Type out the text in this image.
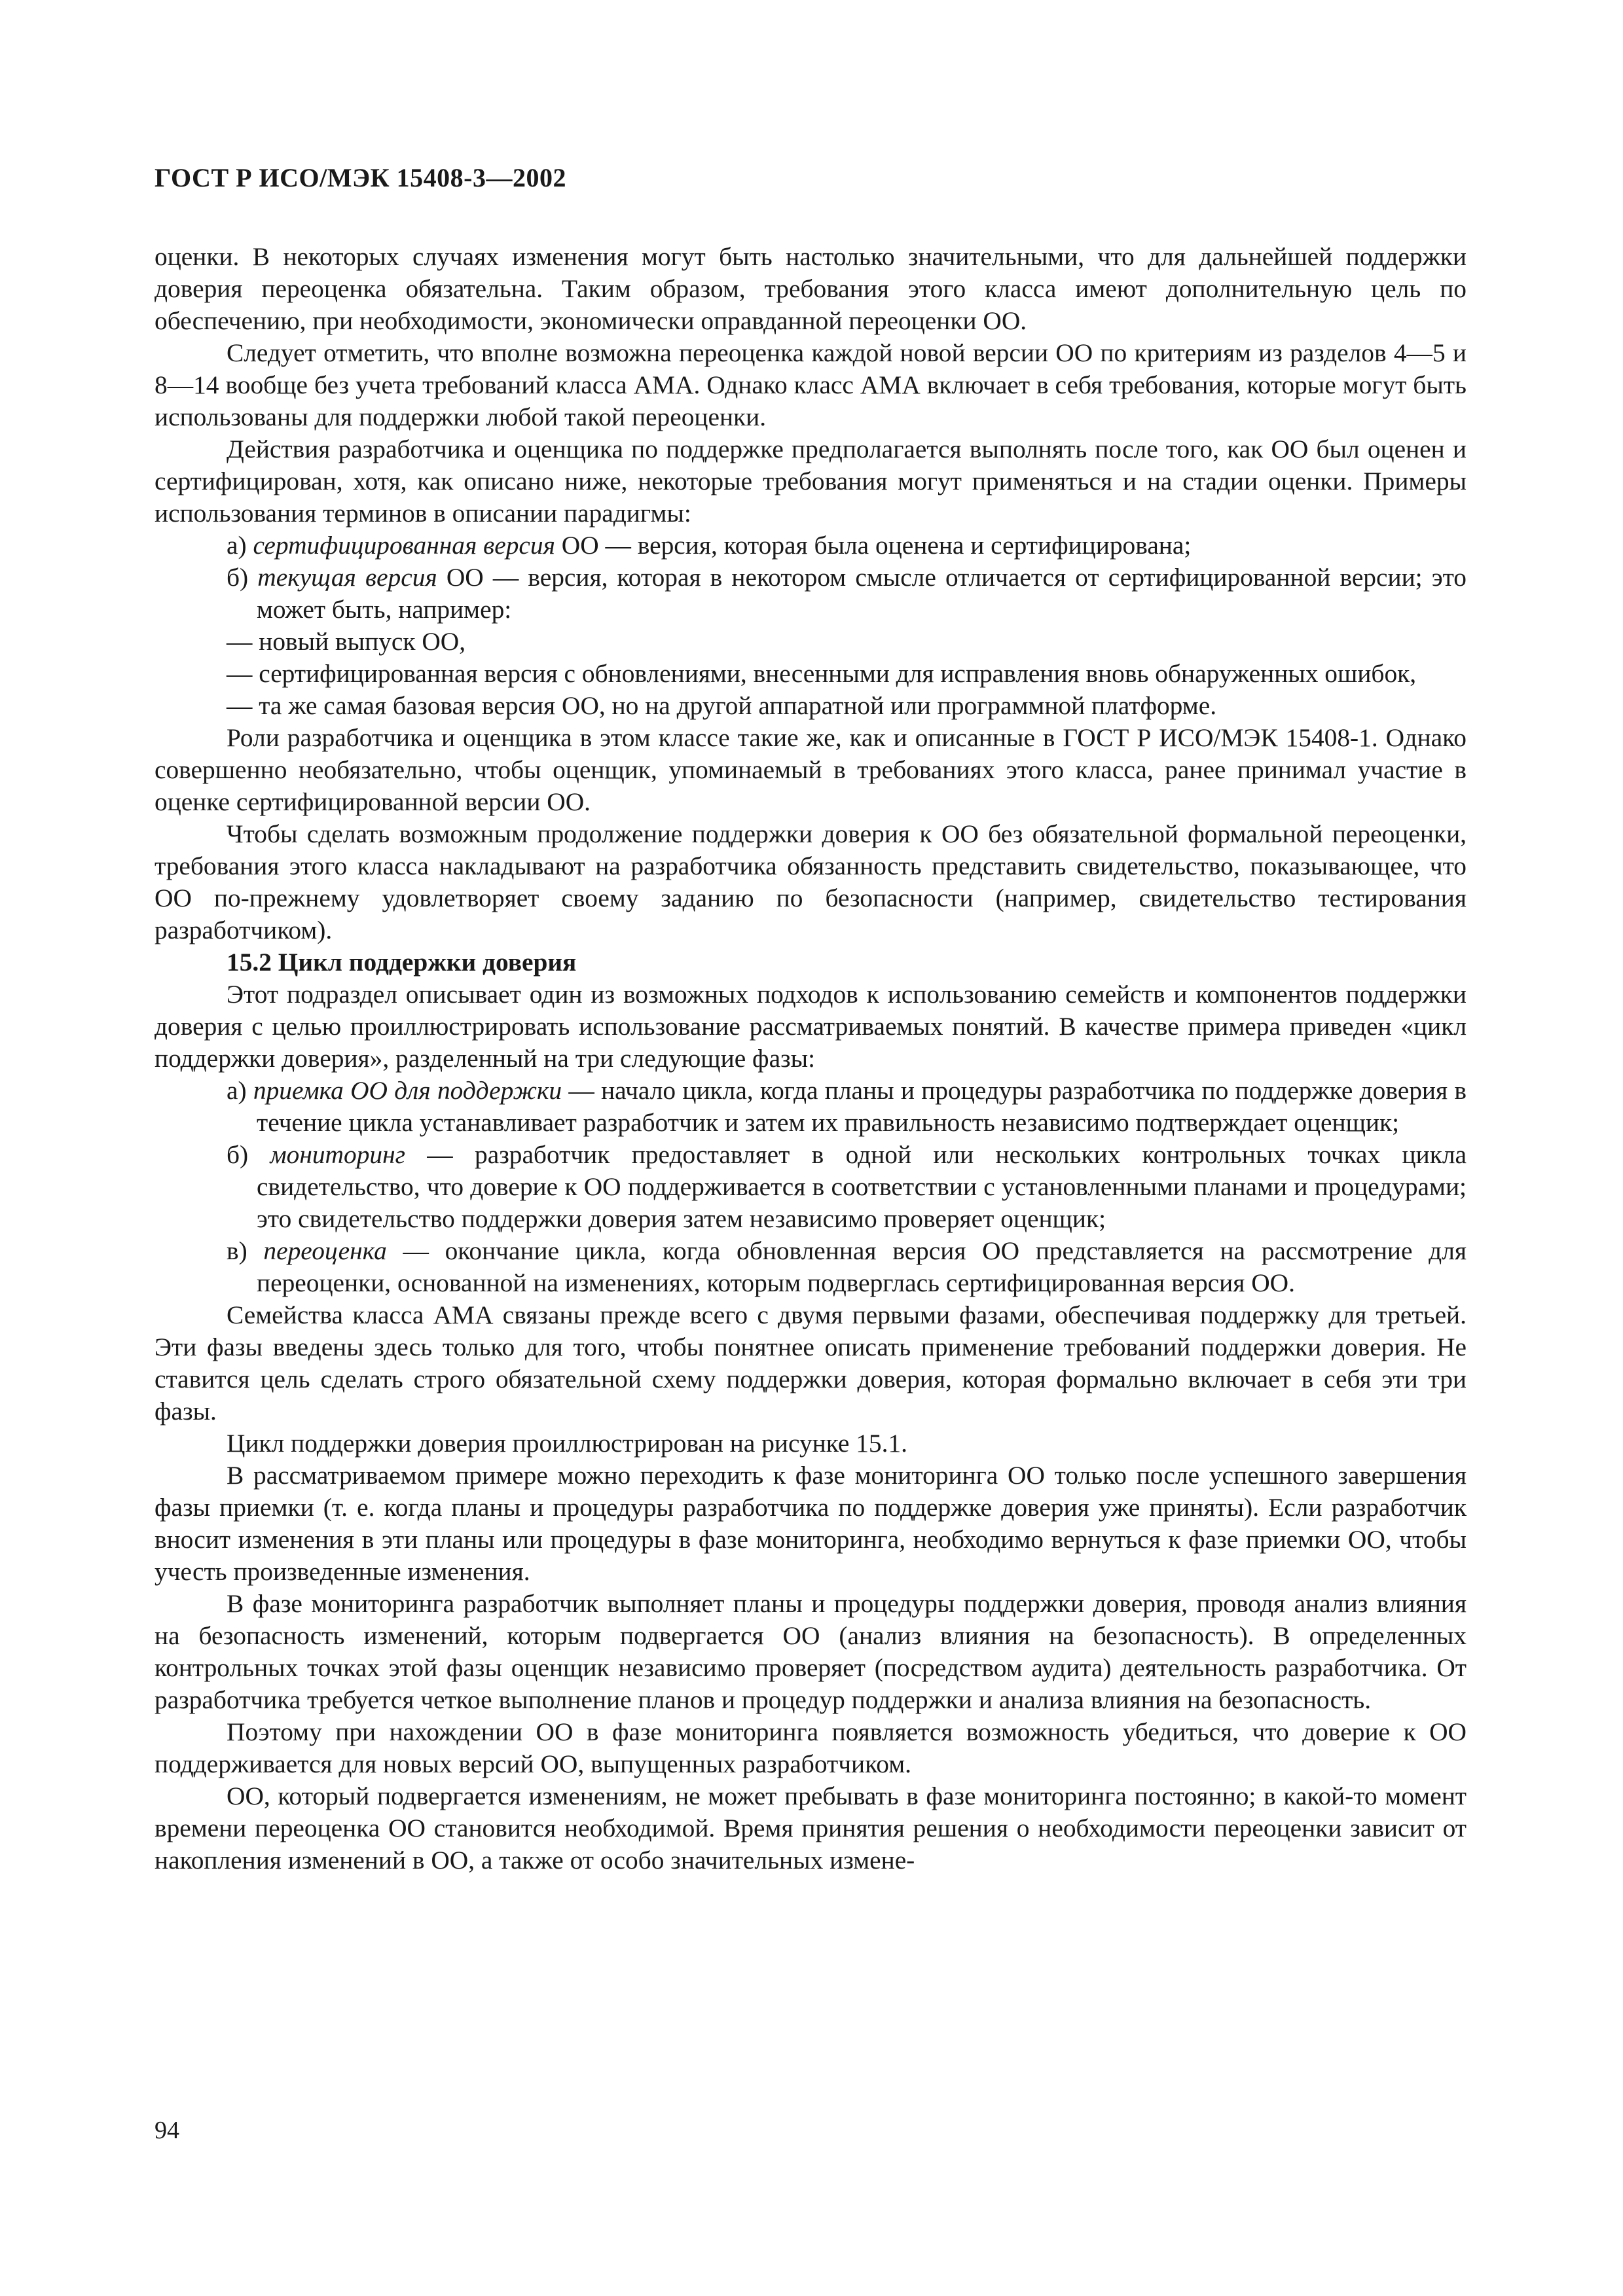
ГОСТ Р ИСО/МЭК 15408-3—2002

оценки. В некоторых случаях изменения могут быть настолько значительными, что для дальнейшей поддержки доверия переоценка обязательна. Таким образом, требования этого класса имеют дополнительную цель по обеспечению, при необходимости, экономически оправданной переоценки ОО.

Следует отметить, что вполне возможна переоценка каждой новой версии ОО по критериям из разделов 4—5 и 8—14 вообще без учета требований класса АМА. Однако класс АМА включает в себя требования, которые могут быть использованы для поддержки любой такой переоценки.

Действия разработчика и оценщика по поддержке предполагается выполнять после того, как ОО был оценен и сертифицирован, хотя, как описано ниже, некоторые требования могут применяться и на стадии оценки. Примеры использования терминов в описании парадигмы:

а) сертифицированная версия ОО — версия, которая была оценена и сертифицирована;
б) текущая версия ОО — версия, которая в некотором смысле отличается от сертифицированной версии; это может быть, например:
— новый выпуск ОО,
— сертифицированная версия с обновлениями, внесенными для исправления вновь обнаруженных ошибок,
— та же самая базовая версия ОО, но на другой аппаратной или программной платформе.

Роли разработчика и оценщика в этом классе такие же, как и описанные в ГОСТ Р ИСО/МЭК 15408-1. Однако совершенно необязательно, чтобы оценщик, упоминаемый в требованиях этого класса, ранее принимал участие в оценке сертифицированной версии ОО.

Чтобы сделать возможным продолжение поддержки доверия к ОО без обязательной формальной переоценки, требования этого класса накладывают на разработчика обязанность представить свидетельство, показывающее, что ОО по-прежнему удовлетворяет своему заданию по безопасности (например, свидетельство тестирования разработчиком).

15.2 Цикл поддержки доверия

Этот подраздел описывает один из возможных подходов к использованию семейств и компонентов поддержки доверия с целью проиллюстрировать использование рассматриваемых понятий. В качестве примера приведен «цикл поддержки доверия», разделенный на три следующие фазы:

а) приемка ОО для поддержки — начало цикла, когда планы и процедуры разработчика по поддержке доверия в течение цикла устанавливает разработчик и затем их правильность независимо подтверждает оценщик;
б) мониторинг — разработчик предоставляет в одной или нескольких контрольных точках цикла свидетельство, что доверие к ОО поддерживается в соответствии с установленными планами и процедурами; это свидетельство поддержки доверия затем независимо проверяет оценщик;
в) переоценка — окончание цикла, когда обновленная версия ОО представляется на рассмотрение для переоценки, основанной на изменениях, которым подверглась сертифицированная версия ОО.

Семейства класса АМА связаны прежде всего с двумя первыми фазами, обеспечивая поддержку для третьей. Эти фазы введены здесь только для того, чтобы понятнее описать применение требований поддержки доверия. Не ставится цель сделать строго обязательной схему поддержки доверия, которая формально включает в себя эти три фазы.

Цикл поддержки доверия проиллюстрирован на рисунке 15.1.

В рассматриваемом примере можно переходить к фазе мониторинга ОО только после успешного завершения фазы приемки (т. е. когда планы и процедуры разработчика по поддержке доверия уже приняты). Если разработчик вносит изменения в эти планы или процедуры в фазе мониторинга, необходимо вернуться к фазе приемки ОО, чтобы учесть произведенные изменения.

В фазе мониторинга разработчик выполняет планы и процедуры поддержки доверия, проводя анализ влияния на безопасность изменений, которым подвергается ОО (анализ влияния на безопасность). В определенных контрольных точках этой фазы оценщик независимо проверяет (посредством аудита) деятельность разработчика. От разработчика требуется четкое выполнение планов и процедур поддержки и анализа влияния на безопасность.

Поэтому при нахождении ОО в фазе мониторинга появляется возможность убедиться, что доверие к ОО поддерживается для новых версий ОО, выпущенных разработчиком.

ОО, который подвергается изменениям, не может пребывать в фазе мониторинга постоянно; в какой-то момент времени переоценка ОО становится необходимой. Время принятия решения о необходимости переоценки зависит от накопления изменений в ОО, а также от особо значительных измене-

94
